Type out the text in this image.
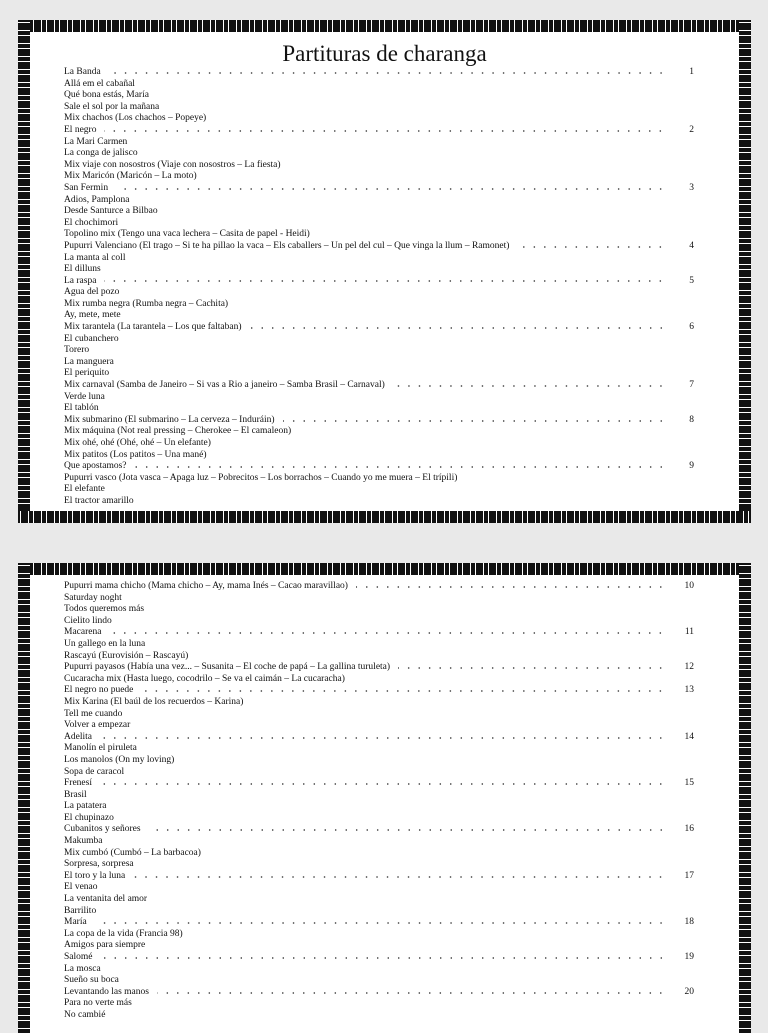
Partituras de charanga
La Banda	1
Allá em el cabañal
Qué bona estás, María
Sale el sol por la mañana
Mix chachos (Los chachos – Popeye)
El negro	2
La Mari Carmen
La conga de jalisco
Mix viaje con nosostros (Viaje con nosostros – La fiesta)
Mix Maricón (Maricón – La moto)
San Fermin	3
Adios, Pamplona
Desde Santurce a Bilbao
El chochimori
Topolino mix (Tengo una vaca lechera – Casita de papel - Heidi)
Pupurri Valenciano (El trago – Si te ha pillao la vaca – Els caballers – Un pel del cul – Que vinga la llum – Ramonet)	4
La manta al coll
El dilluns
La raspa	5
Agua del pozo
Mix rumba negra (Rumba negra – Cachita)
Ay, mete, mete
Mix tarantela (La tarantela – Los que faltaban)	6
El cubanchero
Torero
La manguera
El periquito
Mix carnaval (Samba de Janeiro – Si vas a Rio a janeiro – Samba Brasil – Carnaval)	7
Verde luna
El tablón
Mix submarino (El submarino – La cerveza – Induráin)	8
Mix máquina (Not real pressing – Cherokee – El camaleon)
Mix ohé, ohé (Ohé, ohé – Un elefante)
Mix patitos (Los patitos – Una mané)
Que apostamos?	9
Pupurri vasco (Jota vasca – Apaga luz – Pobrecitos – Los borrachos – Cuando yo me muera – El trípili)
El elefante
El tractor amarillo
Pupurri mama chicho (Mama chicho – Ay, mama Inés – Cacao maravillao)	10
Saturday noght
Todos queremos más
Cielito lindo
Macarena	11
Un gallego en la luna
Rascayú (Eurovisión – Rascayú)
Pupurri payasos (Había una vez... – Susanita – El coche de papá – La gallina turuleta)	12
Cucaracha mix (Hasta luego, cocodrilo – Se va el caimán – La cucaracha)
El negro no puede	13
Mix Karina (El baúl de los recuerdos – Karina)
Tell me cuando
Volver a empezar
Adelita	14
Manolín el piruleta
Los manolos (On my loving)
Sopa de caracol
Frenesí	15
Brasil
La patatera
El chupinazo
Cubanitos y señores	16
Makumba
Mix cumbó (Cumbó – La barbacoa)
Sorpresa, sorpresa
El toro y la luna	17
El venao
La ventanita del amor
Barrilito
María	18
La copa de la vida (Francia 98)
Amigos para siempre
Salomé	19
La mosca
Sueño su boca
Levantando las manos	20
Para no verte más
No cambié
